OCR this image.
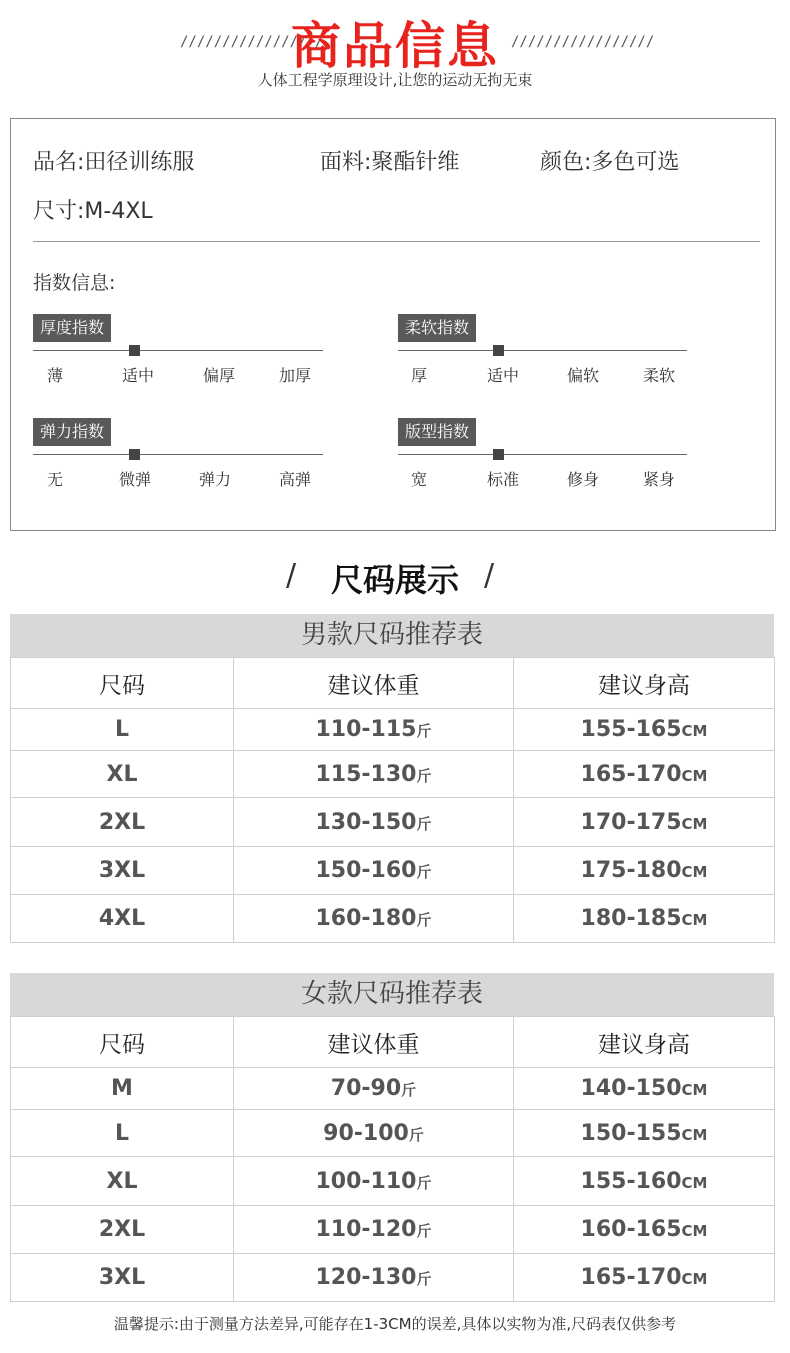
/////////////////
商品信息 /////////////////
人体工程学原理设计,让您的运动无拘无束
品名:田径训练服	面料:聚酯针维	颜色:多色可选
尺寸:M-4XL
指数信息:
厚度指数
薄	适中	偏厚	加厚
柔软指数
厚	适中	偏软	柔软
弹力指数
无	微弹	弹力	高弹
版型指数
宽	标准	修身	紧身
/	尺码展示 /
男款尺码推荐表
尺码	建议体重	建议身高
L	110-115斤	155-165CM
XL	115-130斤	165-170CM
2XL	130-150斤	170-175CM
3XL	150-160斤	175-180CM
4XL	160-180斤	180-185CM
女款尺码推荐表
尺码	建议体重	建议身高
M	70-90斤	140-150CM
L	90-100斤	150-155CM
XL	100-110斤	155-160CM
2XL	110-120斤	160-165CM
3XL	120-130斤	165-170CM
温馨提示:由于测量方法差异,可能存在1-3CM的误差,具体以实物为准,尺码表仅供参考
